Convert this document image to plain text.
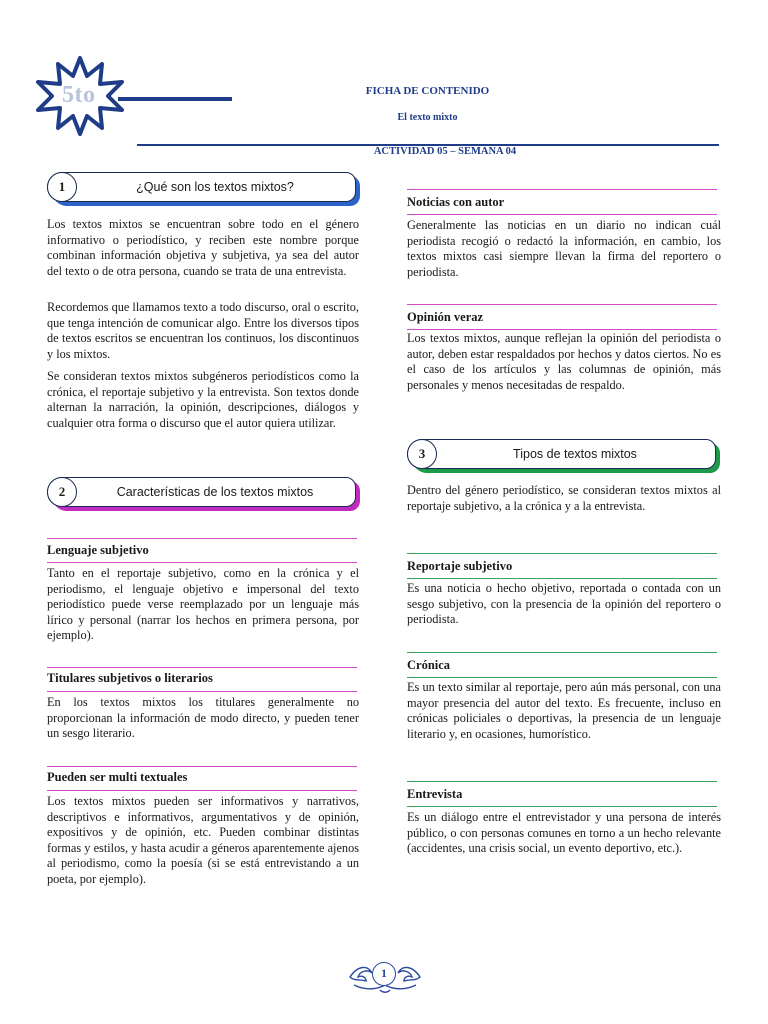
5to	FICHA DE CONTENIDO
El texto mixto
ACTIVIDAD 05 – SEMANA 04
1	¿Qué son los textos mixtos?
Los textos mixtos se encuentran sobre todo en el género informativo o periodístico, y reciben este nombre porque combinan información objetiva y subjetiva, ya sea del autor del texto o de otra persona, cuando se trata de una entrevista.
Recordemos que llamamos texto a todo discurso, oral o escrito, que tenga intención de comunicar algo. Entre los diversos tipos de textos escritos se encuentran los continuos, los discontinuos y los mixtos.
Se consideran textos mixtos subgéneros periodísticos como la crónica, el reportaje subjetivo y la entrevista. Son textos donde alternan la narración, la opinión, descripciones, diálogos y cualquier otra forma o discurso que el autor quiera utilizar.
2	Características de los textos mixtos
Lenguaje subjetivo
Tanto en el reportaje subjetivo, como en la crónica y el periodismo, el lenguaje objetivo e impersonal del texto periodístico puede verse reemplazado por un lenguaje más lírico y personal (narrar los hechos en primera persona, por ejemplo).
Titulares subjetivos o literarios
En los textos mixtos los titulares generalmente no proporcionan la información de modo directo, y pueden tener un sesgo literario.
Pueden ser multi textuales
Los textos mixtos pueden ser informativos y narrativos, descriptivos e informativos, argumentativos y de opinión, expositivos y de opinión, etc. Pueden combinar distintas formas y estilos, y hasta acudir a géneros aparentemente ajenos al periodismo, como la poesía (si se está entrevistando a un poeta, por ejemplo).
Noticias con autor
Generalmente las noticias en un diario no indican cuál periodista recogió o redactó la información, en cambio, los textos mixtos casi siempre llevan la firma del reportero o periodista.
Opinión veraz
Los textos mixtos, aunque reflejan la opinión del periodista o autor, deben estar respaldados por hechos y datos ciertos. No es el caso de los artículos y las columnas de opinión, más personales y menos necesitadas de respaldo.
3	Tipos de textos mixtos
Dentro del género periodístico, se consideran textos mixtos al reportaje subjetivo, a la crónica y a la entrevista.
Reportaje subjetivo
Es una noticia o hecho objetivo, reportada o contada con un sesgo subjetivo, con la presencia de la opinión del reportero o periodista.
Crónica
Es un texto similar al reportaje, pero aún más personal, con una mayor presencia del autor del texto. Es frecuente, incluso en crónicas policiales o deportivas, la presencia de un lenguaje literario y, en ocasiones, humorístico.
Entrevista
Es un diálogo entre el entrevistador y una persona de interés público, o con personas comunes en torno a un hecho relevante (accidentes, una crisis social, un evento deportivo, etc.).
1
